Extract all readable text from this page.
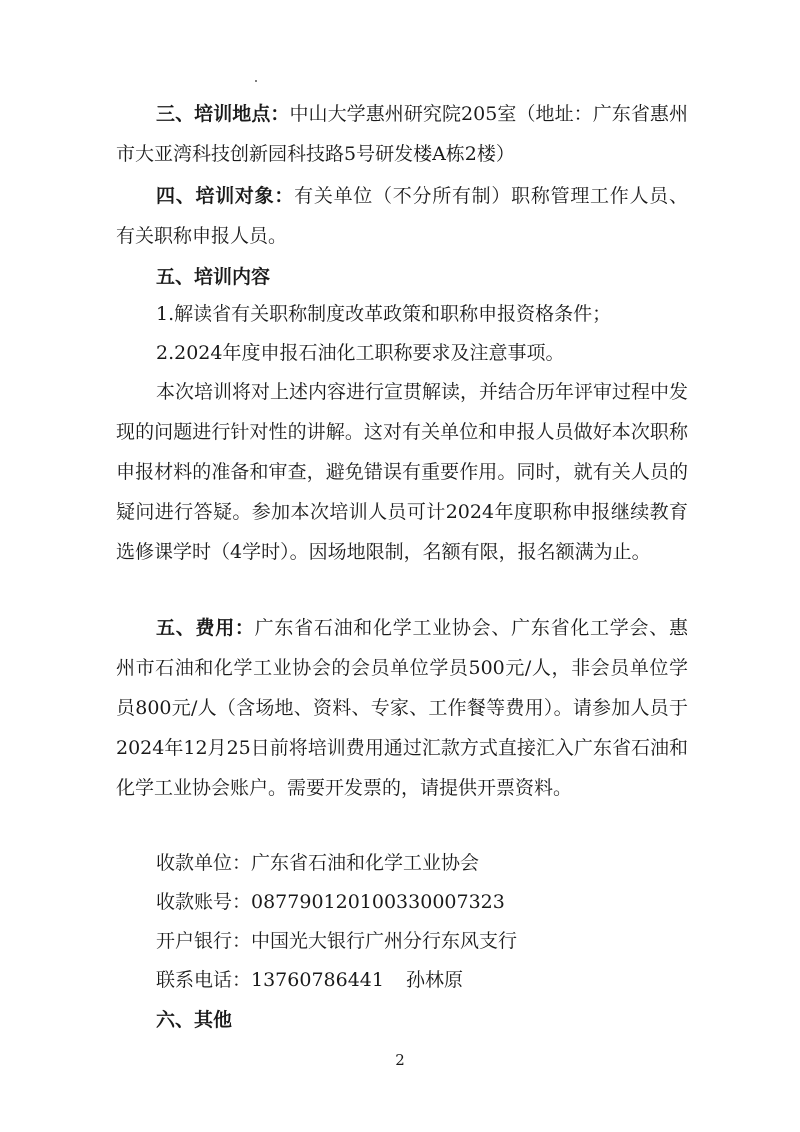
三、培训地点：中山大学惠州研究院205室（地址：广东省惠州市大亚湾科技创新园科技路5号研发楼A栋2楼）

四、培训对象：有关单位（不分所有制）职称管理工作人员、有关职称申报人员。

五、培训内容
1.解读省有关职称制度改革政策和职称申报资格条件；
2.2024年度申报石油化工职称要求及注意事项。

本次培训将对上述内容进行宣贯解读，并结合历年评审过程中发现的问题进行针对性的讲解。这对有关单位和申报人员做好本次职称申报材料的准备和审查，避免错误有重要作用。同时，就有关人员的疑问进行答疑。参加本次培训人员可计2024年度职称申报继续教育选修课学时（4学时）。因场地限制，名额有限，报名额满为止。

五、费用：广东省石油和化学工业协会、广东省化工学会、惠州市石油和化学工业协会的会员单位学员500元/人，非会员单位学员800元/人（含场地、资料、专家、工作餐等费用）。请参加人员于2024年12月25日前将培训费用通过汇款方式直接汇入广东省石油和化学工业协会账户。需要开发票的，请提供开票资料。

收款单位：广东省石油和化学工业协会
收款账号：08779012010033000​7323
开户银行：中国光大银行广州分行东风支行
联系电话：13760786441 孙林原
六、其他
2
